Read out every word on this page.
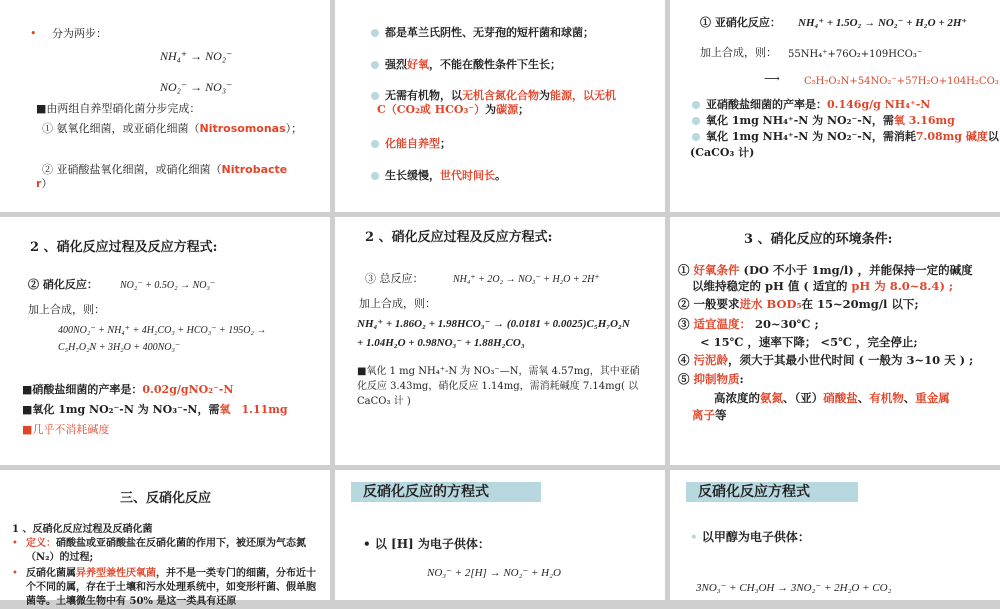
• 分为两步：
NH₄⁺ → NO₂⁻
NO₂⁻ → NO₃⁻
■由两组自养型硝化菌分步完成：
① 氨氧化细菌，或亚硝化细菌（Nitrosomonas）；
② 亚硝酸盐氧化细菌，或硝化细菌（Nitrobacte
r）
都是革兰氏阴性、无芽孢的短杆菌和球菌；
强烈好氧，不能在酸性条件下生长；
无需有机物，以无机含氮化合物为能源，以无机
C（CO₂或 HCO₃⁻）为碳源；
化能自养型；
生长缓慢，世代时间长。
① 亚硝化反应： NH₄⁺ + 1.5O₂ → NO₂⁻ + H₂O + 2H⁺
加上合成，则： 55NH₄⁺+76O₂+109HCO₃⁻
⟶ C₅H₇O₂N+54NO₂⁻+57H₂O+104H₂CO₃
亚硝酸盐细菌的产率是：0.146g/g NH₄⁺-N
氧化 1mg NH₄⁺-N 为 NO₂⁻-N，需氧 3.16mg
氧化 1mg NH₄⁺-N 为 NO₂⁻-N，需消耗7.08mg 碱度以
(CaCO₃ 计)
2 、硝化反应过程及反应方程式:
② 硝化反应： NO₂⁻ + 0.5O₂ → NO₃⁻
加上合成，则：
400NO₂⁻ + NH₄⁺ + 4H₂CO₃ + HCO₃⁻ + 195O₂ →
C₅H₇O₂N + 3H₂O + 400NO₃⁻
■硝酸盐细菌的产率是：0.02g/gNO₂⁻-N
■氧化 1mg NO₂⁻-N 为 NO₃⁻-N，需氧　1.11mg
■几乎不消耗碱度
2 、硝化反应过程及反应方程式:
③ 总反应：	NH₄⁺ + 2O₂ → NO₃⁻ + H₂O + 2H⁺
加上合成，则：
NH₄⁺ + 1.86O₂ + 1.98HCO₃⁻ → (0.0181 + 0.0025)C₅H₇O₂N
+ 1.04H₂O + 0.98NO₃⁻ + 1.88H₂CO₃
■氧化 1 mg NH₄⁺-N 为 NO₃⁻—N，需氧 4.57mg，其中亚硝化反应 3.43mg，硝化反应 1.14mg，需消耗碱度 7.14mg( 以 CaCO₃ 计 )
3 、硝化反应的环境条件:
① 好氧条件 (DO 不小于 1mg/l) ，并能保持一定的碱度
以维持稳定的 pH 值 ( 适宜的 pH 为 8.0~8.4) ;
② 一般要求进水 BOD₅在 15~20mg/l 以下;
③ 适宜温度： 20~30℃ ;
< 15℃ ，速率下降； <5℃ ，完全停止;
④ 污泥龄，须大于其最小世代时间 ( 一般为 3~10 天 ) ;
⑤ 抑制物质:
高浓度的氨氮、（亚）硝酸盐、有机物、重金属
离子等
三、反硝化反应
1 、反硝化反应过程及反硝化菌
• 定义：硝酸盐或亚硝酸盐在反硝化菌的作用下，被还原为气态氮（N₂）的过程;
• 反硝化菌属异养型兼性厌氧菌，并不是一类专门的细菌，分布近十个不同的属，存在于土壤和污水处理系统中，如变形杆菌、假单胞菌等。土壤微生物中有 50% 是这一类具有还原
反硝化反应的方程式
• 以 [H] 为电子供体：
NO₃⁻ + 2[H] → NO₂⁻ + H₂O
反硝化反应方程式
• 以甲醇为电子供体：
3NO₃⁻ + CH₃OH → 3NO₂⁻ + 2H₂O + CO₂
